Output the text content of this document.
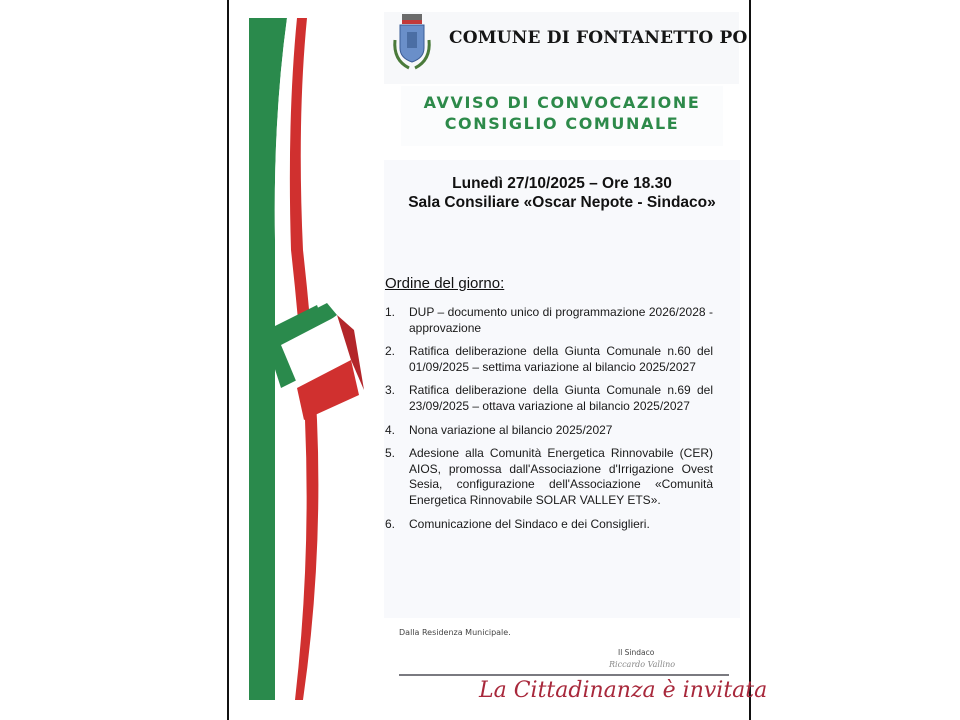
COMUNE DI FONTANETTO PO
AVVISO DI CONVOCAZIONE
CONSIGLIO COMUNALE
Lunedì 27/10/2025 – Ore 18.30
Sala Consiliare «Oscar Nepote - Sindaco»
Ordine del giorno:
1. DUP – documento unico di programmazione 2026/2028 - approvazione
2. Ratifica deliberazione della Giunta Comunale n.60 del 01/09/2025 – settima variazione al bilancio 2025/2027
3. Ratifica deliberazione della Giunta Comunale n.69 del 23/09/2025 – ottava variazione al bilancio 2025/2027
4. Nona variazione al bilancio 2025/2027
5. Adesione alla Comunità Energetica Rinnovabile (CER) AIOS, promossa dall'Associazione d'Irrigazione Ovest Sesia, configurazione dell'Associazione «Comunità Energetica Rinnovabile SOLAR VALLEY ETS».
6. Comunicazione del Sindaco e dei Consiglieri.
Dalla Residenza Municipale.
Il Sindaco
Riccardo Vallino
La Cittadinanza è invitata
